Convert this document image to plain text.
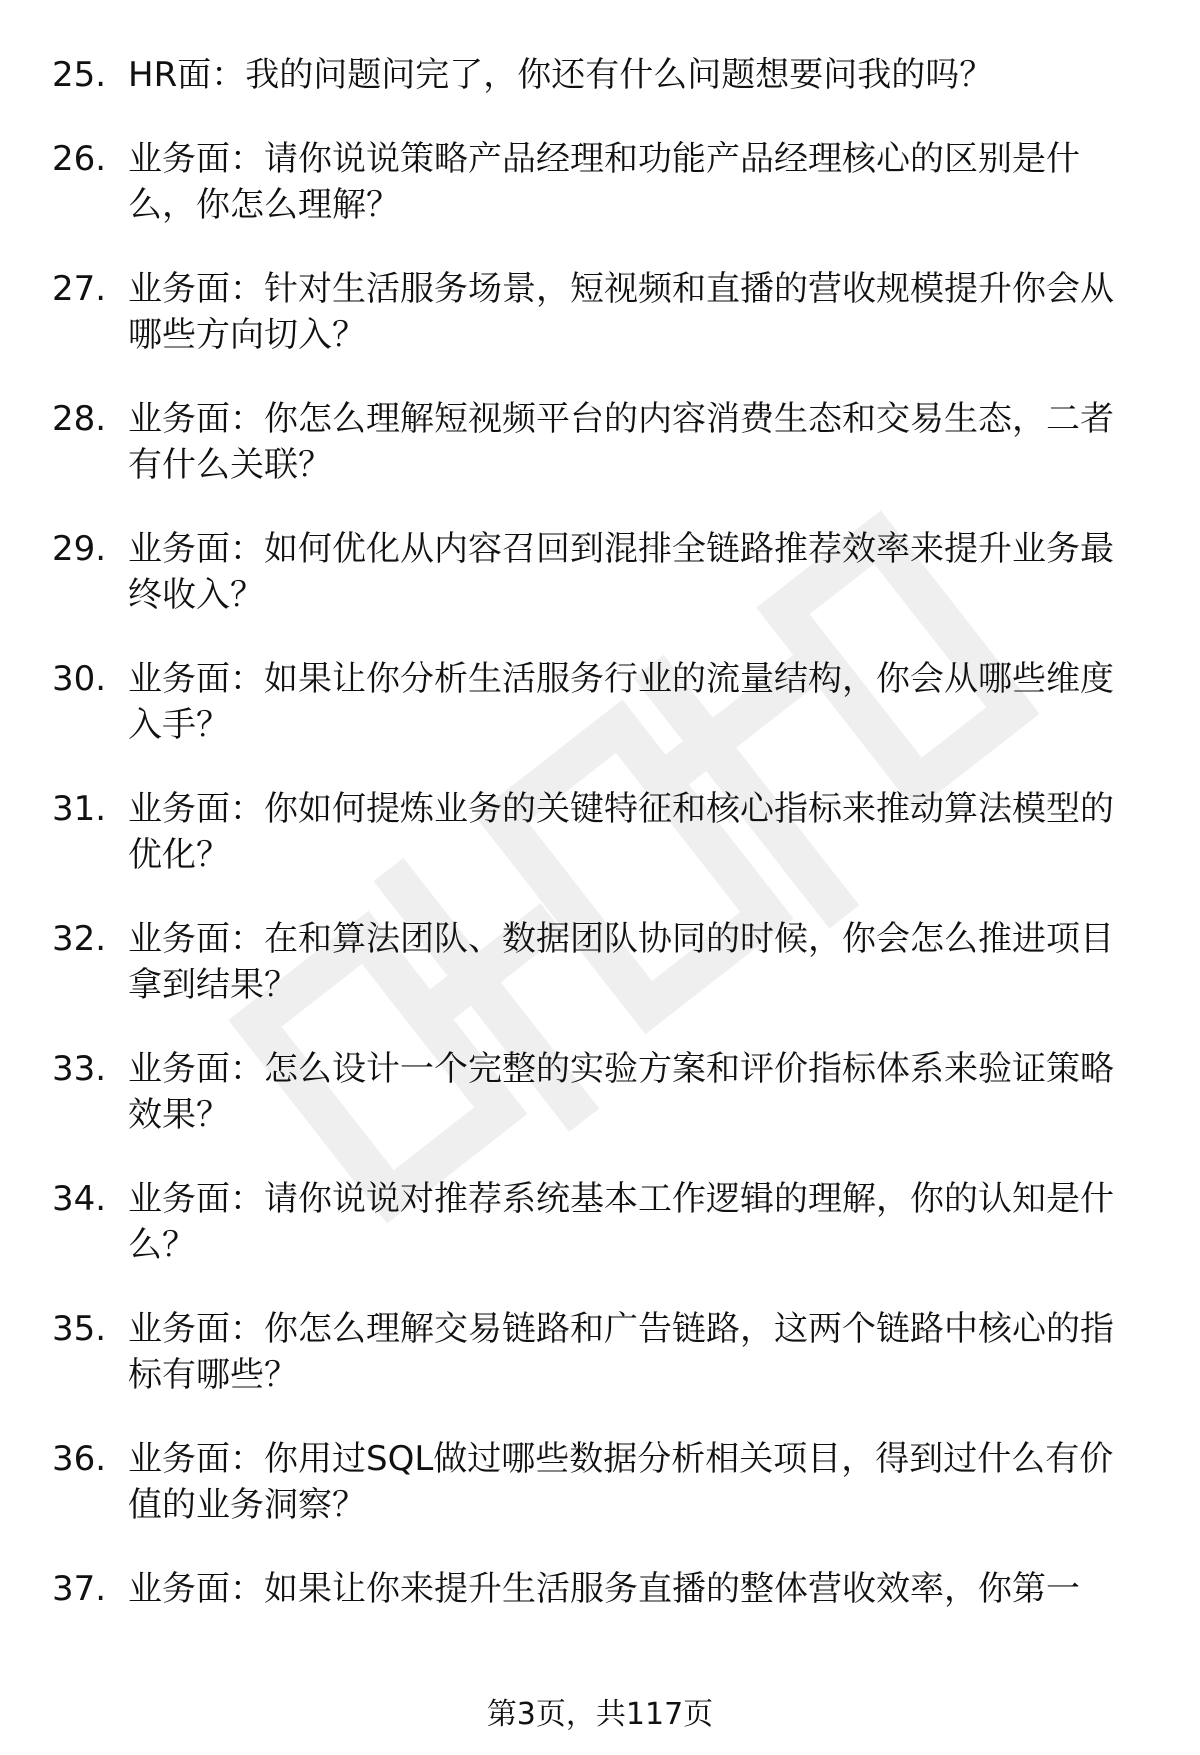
25. HR面：我的问题问完了，你还有什么问题想要问我的吗？
26. 业务面：请你说说策略产品经理和功能产品经理核心的区别是什么，你怎么理解？
27. 业务面：针对生活服务场景，短视频和直播的营收规模提升你会从哪些方向切入？
28. 业务面：你怎么理解短视频平台的内容消费生态和交易生态，二者有什么关联？
29. 业务面：如何优化从内容召回到混排全链路推荐效率来提升业务最终收入？
30. 业务面：如果让你分析生活服务行业的流量结构，你会从哪些维度入手？
31. 业务面：你如何提炼业务的关键特征和核心指标来推动算法模型的优化？
32. 业务面：在和算法团队、数据团队协同的时候，你会怎么推进项目拿到结果？
33. 业务面：怎么设计一个完整的实验方案和评价指标体系来验证策略效果？
34. 业务面：请你说说对推荐系统基本工作逻辑的理解，你的认知是什么？
35. 业务面：你怎么理解交易链路和广告链路，这两个链路中核心的指标有哪些？
36. 业务面：你用过SQL做过哪些数据分析相关项目，得到过什么有价值的业务洞察？
37. 业务面：如果让你来提升生活服务直播的整体营收效率，你第一
第3页，共117页
